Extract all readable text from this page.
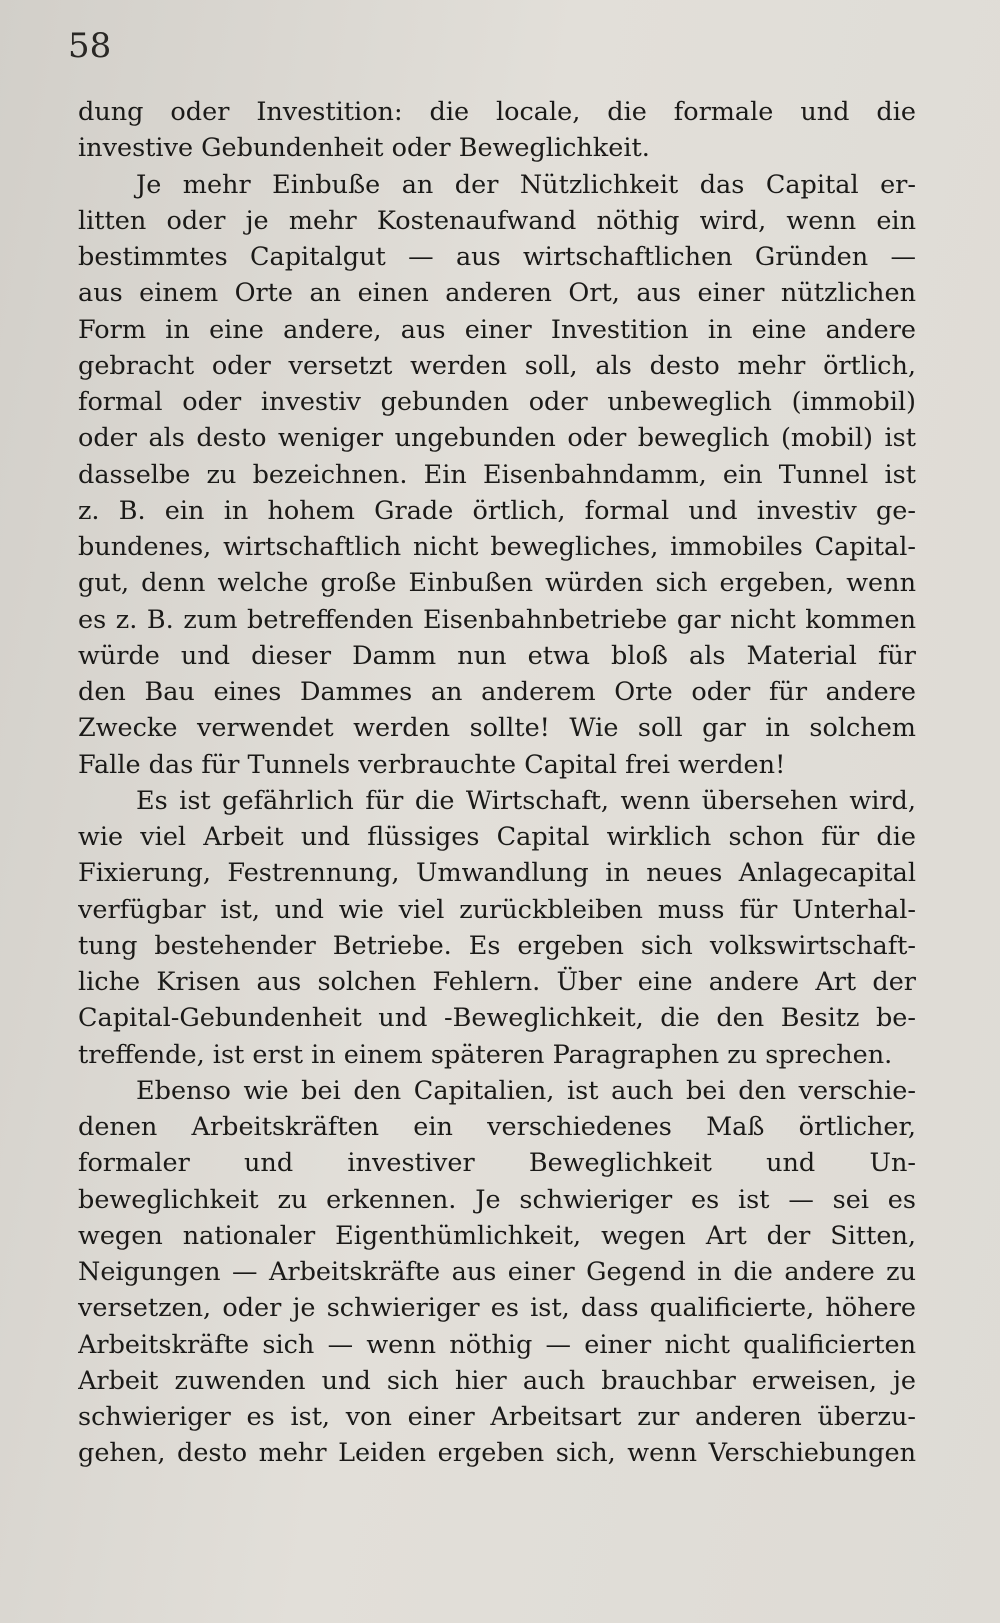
58
dung oder Investition: die locale, die formale und die
investive Gebundenheit oder Beweglichkeit.
Je mehr Einbuße an der Nützlichkeit das Capital er-
litten oder je mehr Kostenaufwand nöthig wird, wenn ein
bestimmtes Capitalgut — aus wirtschaftlichen Gründen —
aus einem Orte an einen anderen Ort, aus einer nützlichen
Form in eine andere, aus einer Investition in eine andere
gebracht oder versetzt werden soll, als desto mehr örtlich,
formal oder investiv gebunden oder unbeweglich (immobil)
oder als desto weniger ungebunden oder beweglich (mobil) ist
dasselbe zu bezeichnen. Ein Eisenbahndamm, ein Tunnel ist
z. B. ein in hohem Grade örtlich, formal und investiv ge-
bundenes, wirtschaftlich nicht bewegliches, immobiles Capital-
gut, denn welche große Einbußen würden sich ergeben, wenn
es z. B. zum betreffenden Eisenbahnbetriebe gar nicht kommen
würde und dieser Damm nun etwa bloß als Material für
den Bau eines Dammes an anderem Orte oder für andere
Zwecke verwendet werden sollte! Wie soll gar in solchem
Falle das für Tunnels verbrauchte Capital frei werden!
Es ist gefährlich für die Wirtschaft, wenn übersehen wird,
wie viel Arbeit und flüssiges Capital wirklich schon für die
Fixierung, Festrennung, Umwandlung in neues Anlagecapital
verfügbar ist, und wie viel zurückbleiben muss für Unterhal-
tung bestehender Betriebe. Es ergeben sich volkswirtschaft-
liche Krisen aus solchen Fehlern. Über eine andere Art der
Capital-Gebundenheit und -Beweglichkeit, die den Besitz be-
treffende, ist erst in einem späteren Paragraphen zu sprechen.
Ebenso wie bei den Capitalien, ist auch bei den verschie-
denen Arbeitskräften ein verschiedenes Maß örtlicher,
formaler und investiver Beweglichkeit und Un-
beweglichkeit zu erkennen. Je schwieriger es ist — sei es
wegen nationaler Eigenthümlichkeit, wegen Art der Sitten,
Neigungen — Arbeitskräfte aus einer Gegend in die andere zu
versetzen, oder je schwieriger es ist, dass qualificierte, höhere
Arbeitskräfte sich — wenn nöthig — einer nicht qualificierten
Arbeit zuwenden und sich hier auch brauchbar erweisen, je
schwieriger es ist, von einer Arbeitsart zur anderen überzu-
gehen, desto mehr Leiden ergeben sich, wenn Verschiebungen
